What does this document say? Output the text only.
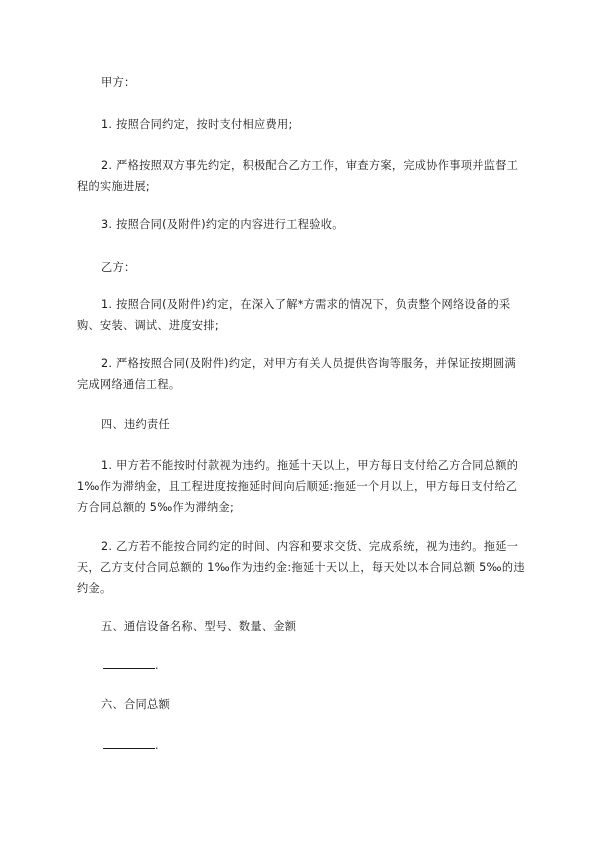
甲方：

1. 按照合同约定，按时支付相应费用;

2. 严格按照双方事先约定，积极配合乙方工作，审查方案，完成协作事项并监督工程的实施进展;

3. 按照合同(及附件)约定的内容进行工程验收。

乙方：

1. 按照合同(及附件)约定，在深入了解*方需求的情况下，负责整个网络设备的采购、安装、调试、进度安排;

2. 严格按照合同(及附件)约定，对甲方有关人员提供咨询等服务，并保证按期圆满完成网络通信工程。

四、违约责任

1. 甲方若不能按时付款视为违约。拖延十天以上，甲方每日支付给乙方合同总额的 1‰作为滞纳金，且工程进度按拖延时间向后顺延:拖延一个月以上，甲方每日支付给乙方合同总额的 5‰作为滞纳金;

2. 乙方若不能按合同约定的时间、内容和要求交货、完成系统，视为违约。拖延一天，乙方支付合同总额的 1‰作为违约金:拖延十天以上，每天处以本合同总额 5‰的违约金。

五、通信设备名称、型号、数量、金额

.

六、合同总额

.
